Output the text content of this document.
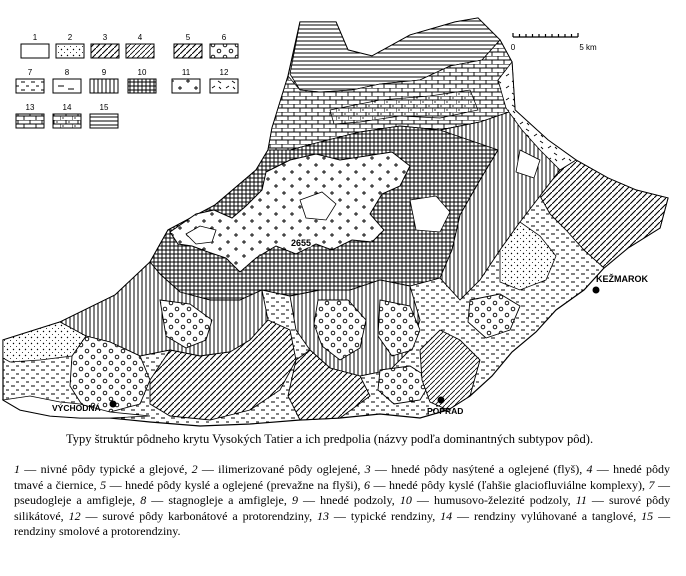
1	2	3	4	5	6
7	8	9	10	11	12
13	14	15
0	5 km
2655
KEŽMAROK
POPRAD
VÝCHODNÁ
Typy štruktúr pôdneho krytu Vysokých Tatier a ich predpolia (názvy podľa dominantných subtypov pôd).
1 — nivné pôdy typické a glejové, 2 — ilimerizované pôdy oglejené, 3 — hnedé pôdy nasýtené a oglejené (flyš), 4 — hnedé pôdy tmavé a čiernice, 5 — hnedé pôdy kyslé a oglejené (prevažne na flyši), 6 — hnedé pôdy kyslé (ľahšie glaciofluviálne komplexy), 7 — pseudogleje a amfigleje, 8 — stagnogleje a amfigleje, 9 — hnedé podzoly, 10 — humusovo-železité podzoly, 11 — surové pôdy silikátové, 12 — surové pôdy karbonátové a protorendziny, 13 — typické rendziny, 14 — rendziny vylúhované a tanglové, 15 — rendziny smolové a protorendziny.
